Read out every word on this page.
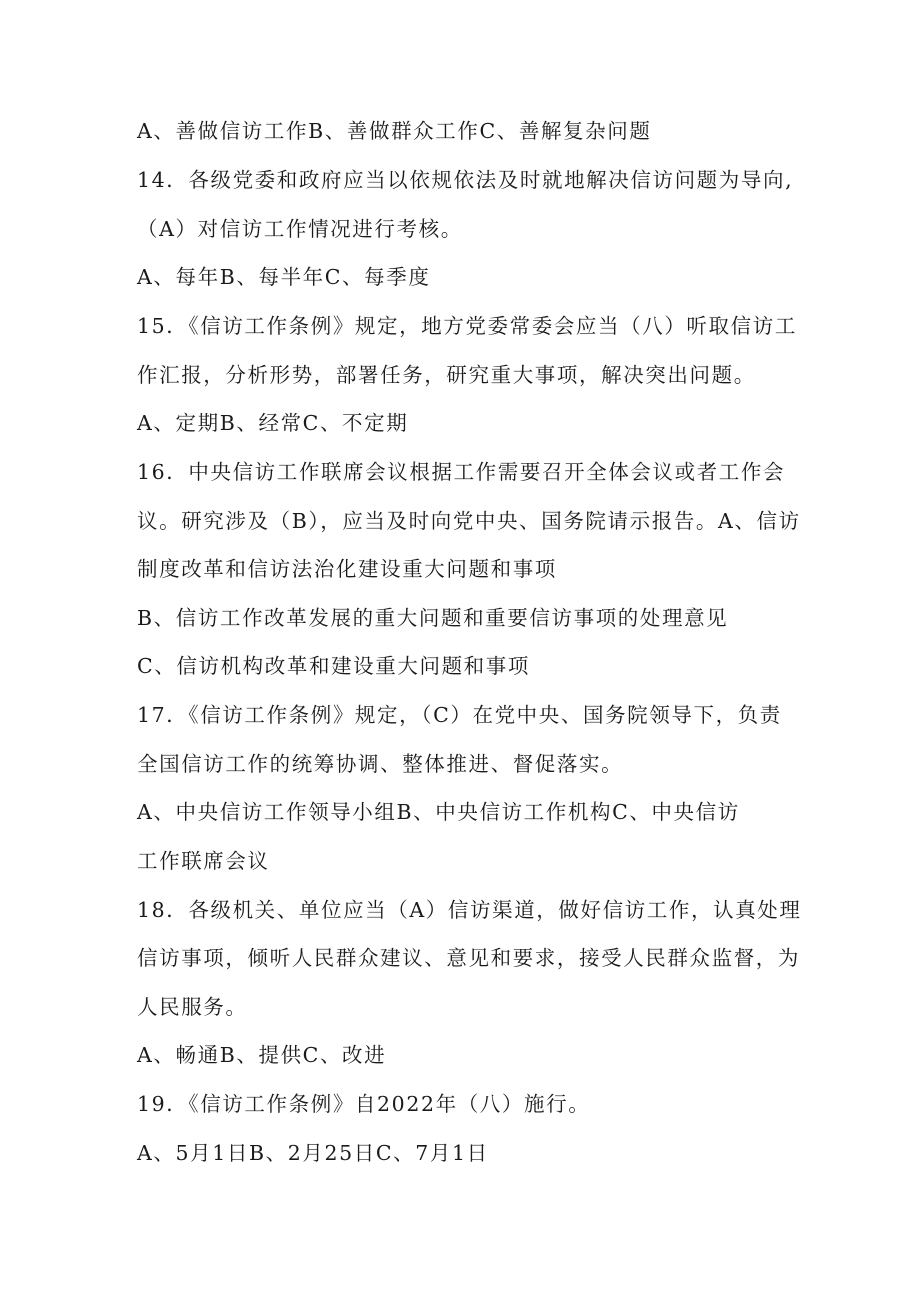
A、善做信访工作B、善做群众工作C、善解复杂问题
14．各级党委和政府应当以依规依法及时就地解决信访问题为导向,
（A）对信访工作情况进行考核。
A、每年B、每半年C、每季度
15．《信访工作条例》规定，地方党委常委会应当（八）听取信访工
作汇报，分析形势，部署任务，研究重大事项，解决突出问题。
A、定期B、经常C、不定期
16．中央信访工作联席会议根据工作需要召开全体会议或者工作会
议。研究涉及（B），应当及时向党中央、国务院请示报告。A、信访
制度改革和信访法治化建设重大问题和事项
B、信访工作改革发展的重大问题和重要信访事项的处理意见
C、信访机构改革和建设重大问题和事项
17．《信访工作条例》规定，（C）在党中央、国务院领导下，负责
全国信访工作的统筹协调、整体推进、督促落实。
A、中央信访工作领导小组B、中央信访工作机构C、中央信访
工作联席会议
18．各级机关、单位应当（A）信访渠道，做好信访工作，认真处理
信访事项，倾听人民群众建议、意见和要求，接受人民群众监督，为
人民服务。
A、畅通B、提供C、改进
19．《信访工作条例》自2022年（八）施行。
A、5月1日B、2月25日C、7月1日
